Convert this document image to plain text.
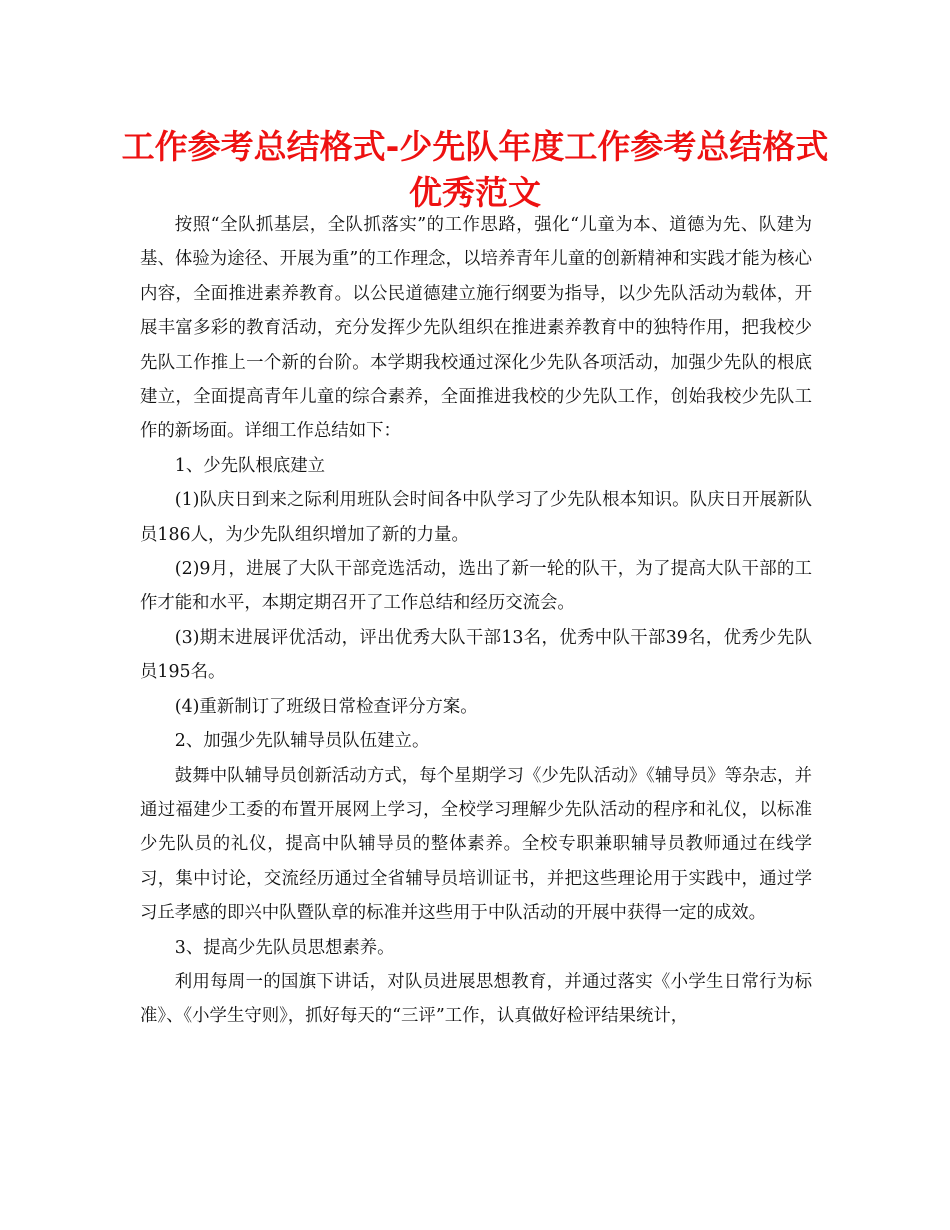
工作参考总结格式-少先队年度工作参考总结格式
优秀范文

按照“全队抓基层，全队抓落实”的工作思路，强化“儿童为本、道德为先、队建为基、体验为途径、开展为重”的工作理念，以培养青年儿童的创新精神和实践才能为核心内容，全面推进素养教育。以公民道德建立施行纲要为指导，以少先队活动为载体，开展丰富多彩的教育活动，充分发挥少先队组织在推进素养教育中的独特作用，把我校少先队工作推上一个新的台阶。本学期我校通过深化少先队各项活动，加强少先队的根底建立，全面提高青年儿童的综合素养，全面推进我校的少先队工作，创始我校少先队工作的新场面。详细工作总结如下：

1、少先队根底建立

(1)队庆日到来之际利用班队会时间各中队学习了少先队根本知识。队庆日开展新队员186人，为少先队组织增加了新的力量。

(2)9月，进展了大队干部竞选活动，选出了新一轮的队干，为了提高大队干部的工作才能和水平，本期定期召开了工作总结和经历交流会。

(3)期末进展评优活动，评出优秀大队干部13名，优秀中队干部39名，优秀少先队员195名。

(4)重新制订了班级日常检查评分方案。

2、加强少先队辅导员队伍建立。

鼓舞中队辅导员创新活动方式，每个星期学习《少先队活动》《辅导员》等杂志，并通过福建少工委的布置开展网上学习，全校学习理解少先队活动的程序和礼仪，以标准少先队员的礼仪，提高中队辅导员的整体素养。全校专职兼职辅导员教师通过在线学习，集中讨论，交流经历通过全省辅导员培训证书，并把这些理论用于实践中，通过学习丘孝感的即兴中队暨队章的标准并这些用于中队活动的开展中获得一定的成效。

3、提高少先队员思想素养。

利用每周一的国旗下讲话，对队员进展思想教育，并通过落实《小学生日常行为标准》、《小学生守则》，抓好每天的“三评”工作，认真做好检评结果统计，
